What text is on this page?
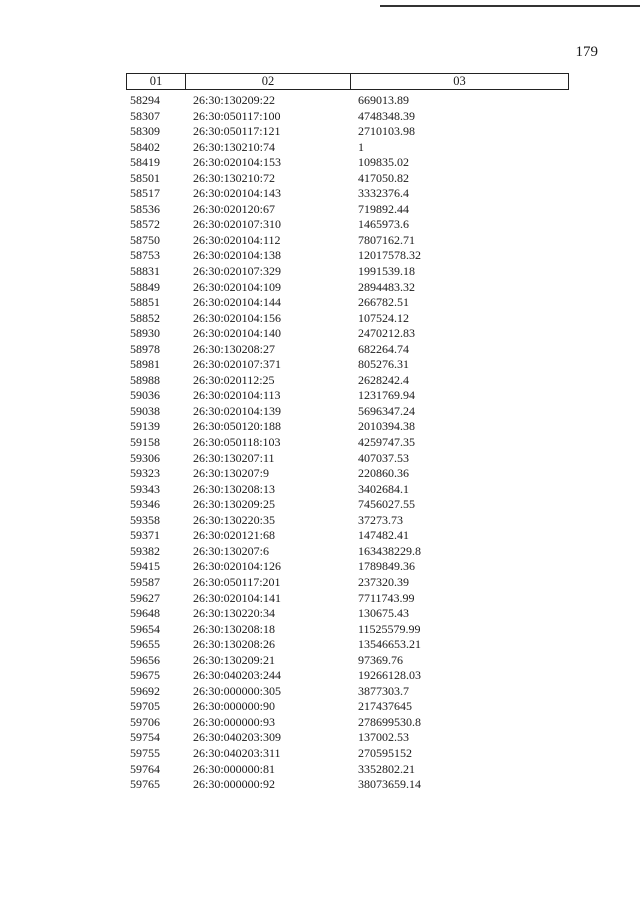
179
01	02	03
58294	26:30:130209:22	669013.89
58307	26:30:050117:100	4748348.39
58309	26:30:050117:121	2710103.98
58402	26:30:130210:74	1
58419	26:30:020104:153	109835.02
58501	26:30:130210:72	417050.82
58517	26:30:020104:143	3332376.4
58536	26:30:020120:67	719892.44
58572	26:30:020107:310	1465973.6
58750	26:30:020104:112	7807162.71
58753	26:30:020104:138	12017578.32
58831	26:30:020107:329	1991539.18
58849	26:30:020104:109	2894483.32
58851	26:30:020104:144	266782.51
58852	26:30:020104:156	107524.12
58930	26:30:020104:140	2470212.83
58978	26:30:130208:27	682264.74
58981	26:30:020107:371	805276.31
58988	26:30:020112:25	2628242.4
59036	26:30:020104:113	1231769.94
59038	26:30:020104:139	5696347.24
59139	26:30:050120:188	2010394.38
59158	26:30:050118:103	4259747.35
59306	26:30:130207:11	407037.53
59323	26:30:130207:9	220860.36
59343	26:30:130208:13	3402684.1
59346	26:30:130209:25	7456027.55
59358	26:30:130220:35	37273.73
59371	26:30:020121:68	147482.41
59382	26:30:130207:6	163438229.8
59415	26:30:020104:126	1789849.36
59587	26:30:050117:201	237320.39
59627	26:30:020104:141	7711743.99
59648	26:30:130220:34	130675.43
59654	26:30:130208:18	11525579.99
59655	26:30:130208:26	13546653.21
59656	26:30:130209:21	97369.76
59675	26:30:040203:244	19266128.03
59692	26:30:000000:305	3877303.7
59705	26:30:000000:90	217437645
59706	26:30:000000:93	278699530.8
59754	26:30:040203:309	137002.53
59755	26:30:040203:311	270595152
59764	26:30:000000:81	3352802.21
59765	26:30:000000:92	38073659.14
